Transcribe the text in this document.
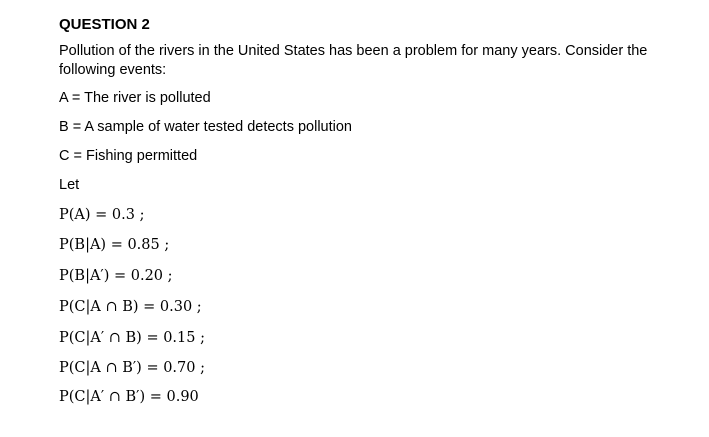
QUESTION 2
Pollution of the rivers in the United States has been a problem for many years. Consider the following events:
A = The river is polluted
B = A sample of water tested detects pollution
C = Fishing permitted
Let
P(A) = 0.3 ;
P(B|A) = 0.85 ;
P(B|A′) = 0.20 ;
P(C|A ∩ B) = 0.30 ;
P(C|A′ ∩ B) = 0.15 ;
P(C|A ∩ B′) = 0.70 ;
P(C|A′ ∩ B′) = 0.90
